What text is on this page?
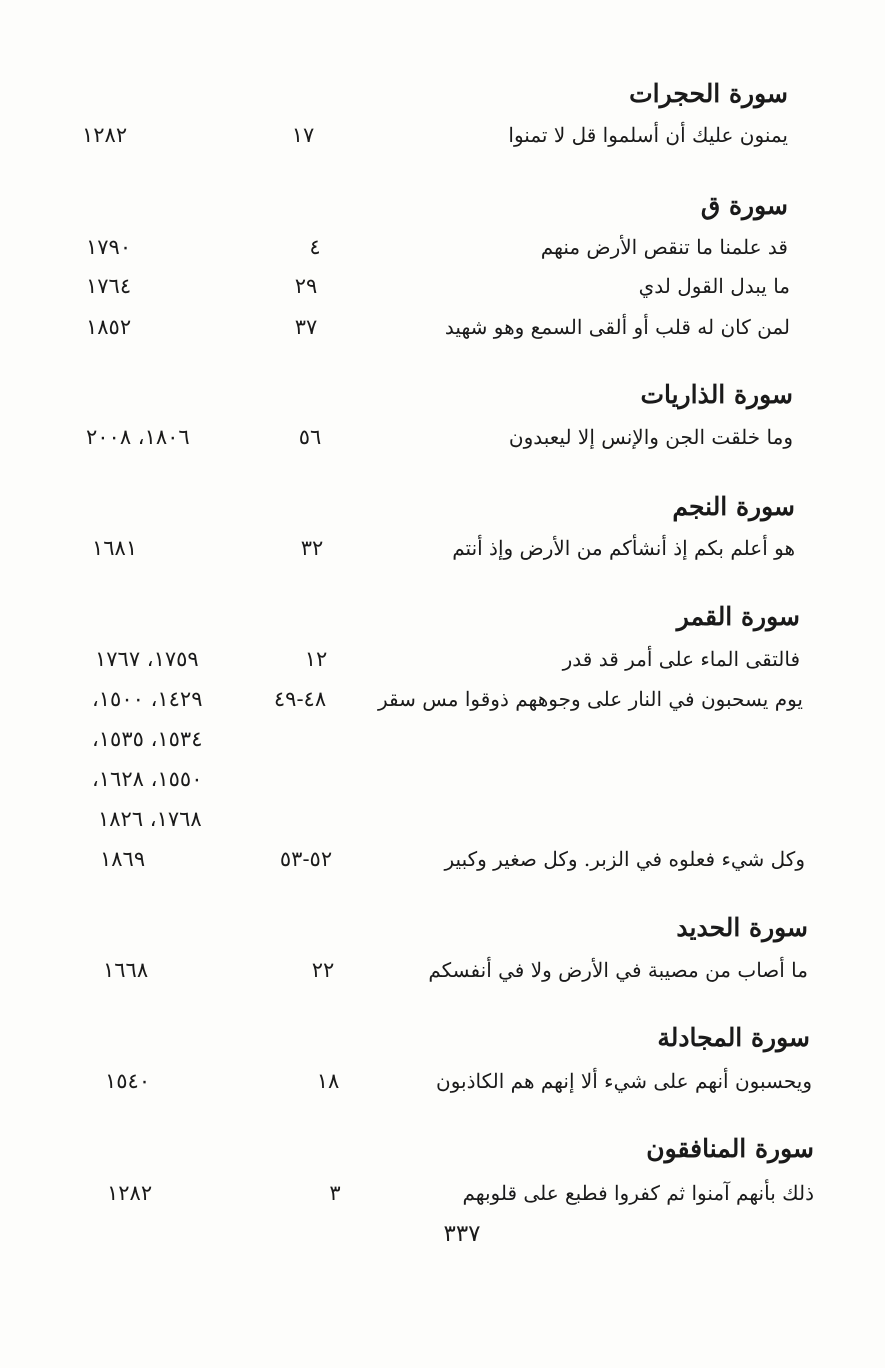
سورة الحجرات
يمنون عليك أن أسلموا قل لا تمنوا
١٧
١٢٨٢
سورة ق
قد علمنا ما تنقص الأرض منهم
٤
١٧٩٠
ما يبدل القول لدي
٢٩
١٧٦٤
لمن كان له قلب أو ألقى السمع وهو شهيد
٣٧
١٨٥٢
سورة الذاريات
وما خلقت الجن والإنس إلا ليعبدون
٥٦
١٨٠٦، ٢٠٠٨
سورة النجم
هو أعلم بكم إذ أنشأكم من الأرض وإذ أنتم
٣٢
١٦٨١
سورة القمر
فالتقى الماء على أمر قد قدر
١٢
١٧٥٩، ١٧٦٧
يوم يسحبون في النار على وجوههم ذوقوا مس سقر
٤٨-٤٩
١٤٢٩، ١٥٠٠،
١٥٣٤، ١٥٣٥،
١٥٥٠، ١٦٢٨،
١٧٦٨، ١٨٢٦
وكل شيء فعلوه في الزبر. وكل صغير وكبير
٥٢-٥٣
١٨٦٩
سورة الحديد
ما أصاب من مصيبة في الأرض ولا في أنفسكم
٢٢
١٦٦٨
سورة المجادلة
ويحسبون أنهم على شيء ألا إنهم هم الكاذبون
١٨
١٥٤٠
سورة المنافقون
ذلك بأنهم آمنوا ثم كفروا فطبع على قلوبهم
٣
١٢٨٢
٣٣٧
